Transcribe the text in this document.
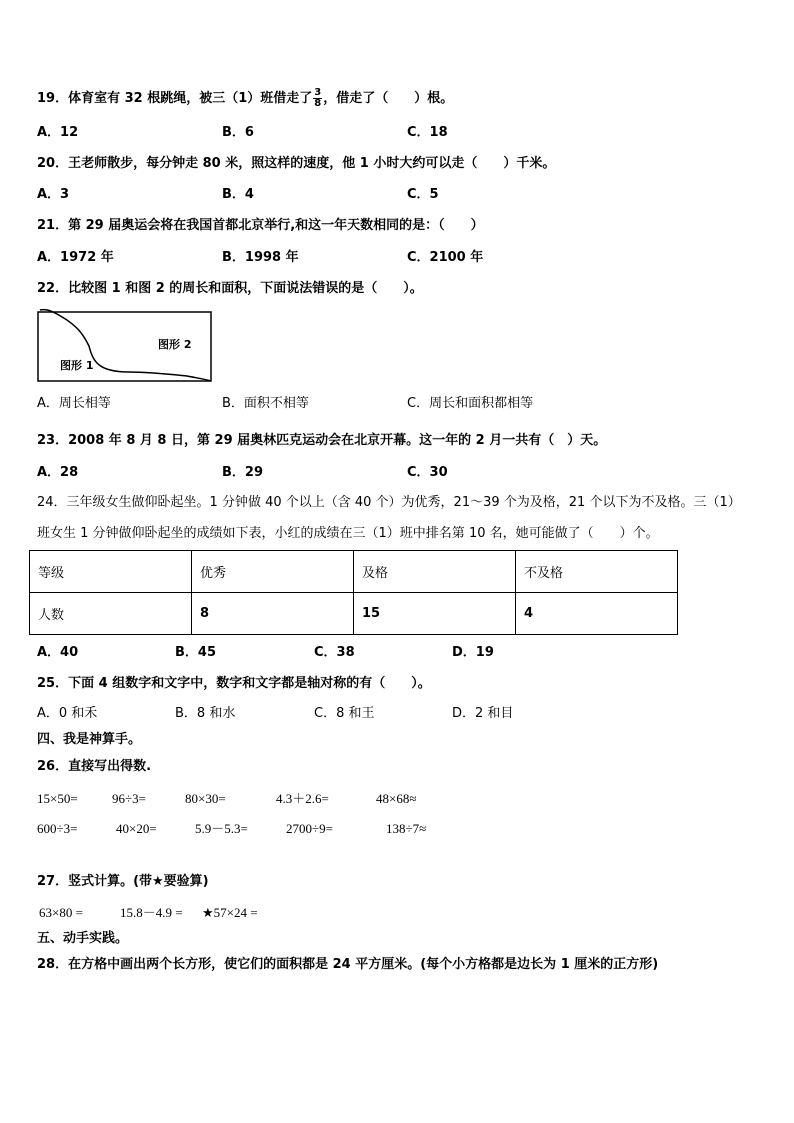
19．体育室有 32 根跳绳，被三（1）班借走了 $\frac{3}{8}$ ，借走了（　　）根。
A．12	B．6	C．18
20．王老师散步，每分钟走 80 米，照这样的速度，他 1 小时大约可以走（　　）千米。
A．3	B．4	C．5
21．第 29 届奥运会将在我国首都北京举行,和这一年天数相同的是：（　　）
A．1972 年	B．1998 年	C．2100 年
22．比较图 1 和图 2 的周长和面积，下面说法错误的是（　　）。
图形 2
图形 1
A．周长相等	B．面积不相等	C．周长和面积都相等
23．2008 年 8 月 8 日，第 29 届奥林匹克运动会在北京开幕。这一年的 2 月一共有（　）天。
A．28	B．29	C．30
24．三年级女生做仰卧起坐。1 分钟做 40 个以上（含 40 个）为优秀，21～39 个为及格，21 个以下为不及格。三（1）
班女生 1 分钟做仰卧起坐的成绩如下表，小红的成绩在三（1）班中排名第 10 名，她可能做了（　　）个。
等级	优秀	及格	不及格
人数	8	15	4
A．40	B．45	C．38	D．19
25．下面 4 组数字和文字中，数字和文字都是轴对称的有（　　）。
A．0 和禾	B．8 和水	C．8 和王	D．2 和目
四、我是神算手。
26．直接写出得数.
15×50=	96÷3=	80×30=	4.3＋2.6=	48×68≈
600÷3=	40×20=	5.9－5.3=	2700÷9=	138÷7≈
27．竖式计算。(带★要验算)
63×80 =	15.8－4.9 = ★57×24 =
五、动手实践。
28．在方格中画出两个长方形，使它们的面积都是 24 平方厘米。(每个小方格都是边长为 1 厘米的正方形)
